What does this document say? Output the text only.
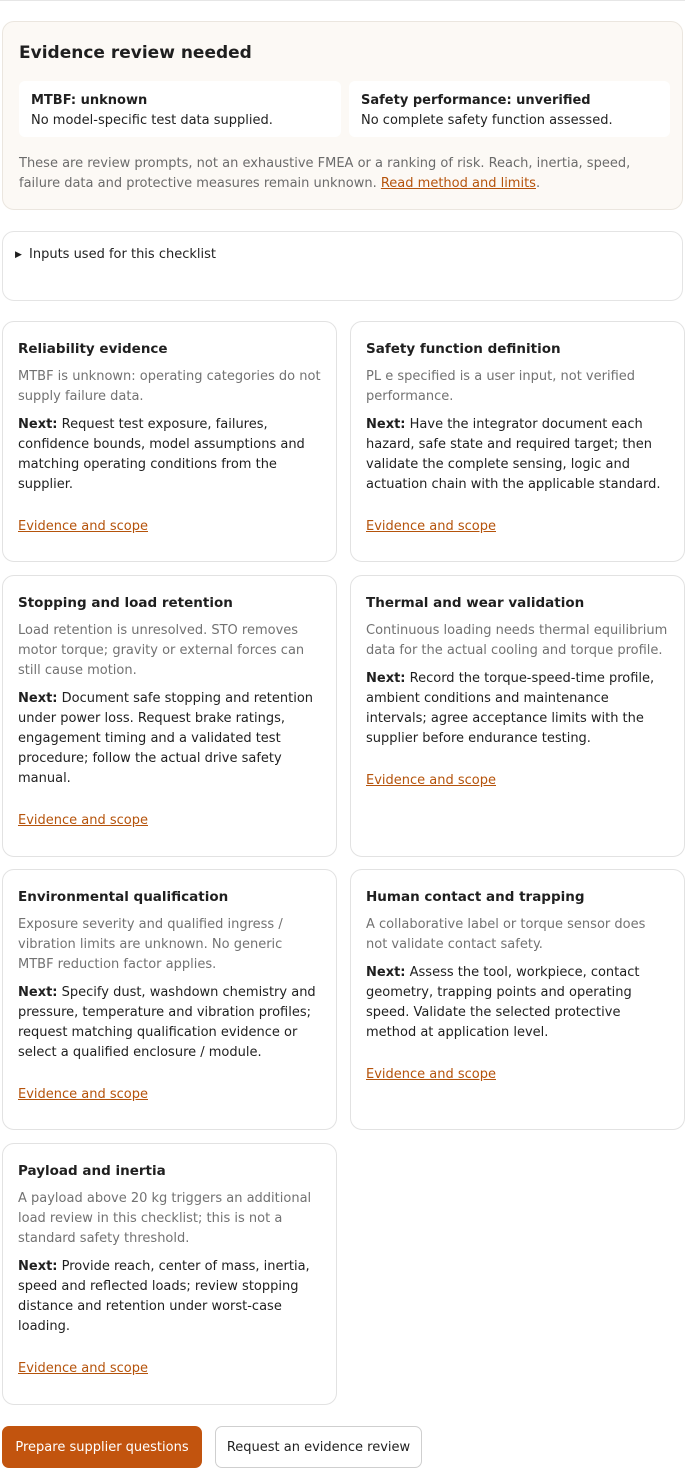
Evidence review needed
MTBF: unknown
No model-specific test data supplied.
Safety performance: unverified
No complete safety function assessed.
These are review prompts, not an exhaustive FMEA or a ranking of risk. Reach, inertia, speed, failure data and protective measures remain unknown. Read method and limits.
▶ Inputs used for this checklist
Reliability evidence
MTBF is unknown: operating categories do not supply failure data.
Next: Request test exposure, failures, confidence bounds, model assumptions and matching operating conditions from the supplier.
Evidence and scope
Safety function definition
PL e specified is a user input, not verified performance.
Next: Have the integrator document each hazard, safe state and required target; then validate the complete sensing, logic and actuation chain with the applicable standard.
Evidence and scope
Stopping and load retention
Load retention is unresolved. STO removes motor torque; gravity or external forces can still cause motion.
Next: Document safe stopping and retention under power loss. Request brake ratings, engagement timing and a validated test procedure; follow the actual drive safety manual.
Evidence and scope
Thermal and wear validation
Continuous loading needs thermal equilibrium data for the actual cooling and torque profile.
Next: Record the torque-speed-time profile, ambient conditions and maintenance intervals; agree acceptance limits with the supplier before endurance testing.
Evidence and scope
Environmental qualification
Exposure severity and qualified ingress / vibration limits are unknown. No generic MTBF reduction factor applies.
Next: Specify dust, washdown chemistry and pressure, temperature and vibration profiles; request matching qualification evidence or select a qualified enclosure / module.
Evidence and scope
Human contact and trapping
A collaborative label or torque sensor does not validate contact safety.
Next: Assess the tool, workpiece, contact geometry, trapping points and operating speed. Validate the selected protective method at application level.
Evidence and scope
Payload and inertia
A payload above 20 kg triggers an additional load review in this checklist; this is not a standard safety threshold.
Next: Provide reach, center of mass, inertia, speed and reflected loads; review stopping distance and retention under worst-case loading.
Evidence and scope
Prepare supplier questions	Request an evidence review
